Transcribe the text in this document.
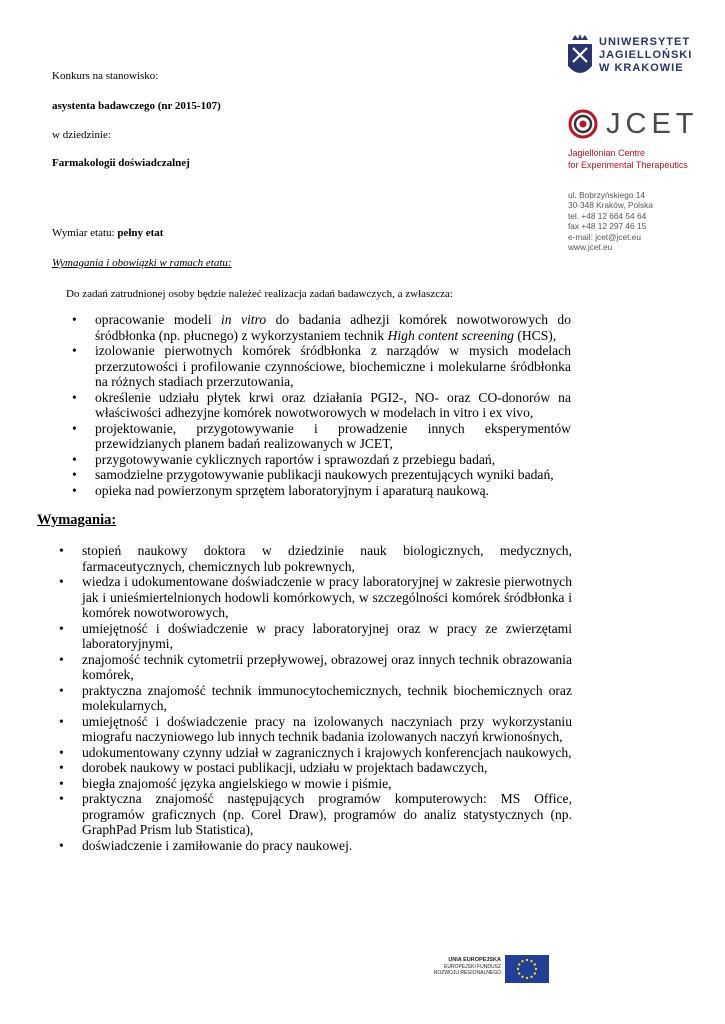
UNIWERSYTET
JAGIELLOŃSKI
W KRAKOWIE
JCET
Jagiellonian Centre
for Experimental Therapeutics
ul. Bobrzyńskiego 14
30-348 Kraków, Polska
tel. +48 12 664 54 64
fax +48 12 297 46 15
e-mail: jcet@jcet.eu
www.jcet.eu
Konkurs na stanowisko:
asystenta badawczego (nr 2015-107)
w dziedzinie:
Farmakologii doświadczalnej
Wymiar etatu: pełny etat
Wymagania i obowiązki w ramach etatu:
Do zadań zatrudnionej osoby będzie należeć realizacja zadań badawczych, a zwłaszcza:
• opracowanie modeli in vitro do badania adhezji komórek nowotworowych do śródbłonka (np. płucnego) z wykorzystaniem technik High content screening (HCS),
• izolowanie pierwotnych komórek śródbłonka z narządów w mysich modelach przerzutowości i profilowanie czynnościowe, biochemiczne i molekularne śródbłonka na różnych stadiach przerzutowania,
• określenie udziału płytek krwi oraz działania PGI2-, NO- oraz CO-donorów na właściwości adhezyjne komórek nowotworowych w modelach in vitro i ex vivo,
• projektowanie, przygotowywanie i prowadzenie innych eksperymentów przewidzianych planem badań realizowanych w JCET,
• przygotowywanie cyklicznych raportów i sprawozdań z przebiegu badań,
• samodzielne przygotowywanie publikacji naukowych prezentujących wyniki badań,
• opieka nad powierzonym sprzętem laboratoryjnym i aparaturą naukową.
Wymagania:
• stopień naukowy doktora w dziedzinie nauk biologicznych, medycznych, farmaceutycznych, chemicznych lub pokrewnych,
• wiedza i udokumentowane doświadczenie w pracy laboratoryjnej w zakresie pierwotnych jak i unieśmiertelnionych hodowli komórkowych, w szczególności komórek śródbłonka i komórek nowotworowych,
• umiejętność i doświadczenie w pracy laboratoryjnej oraz w pracy ze zwierzętami laboratoryjnymi,
• znajomość technik cytometrii przepływowej, obrazowej oraz innych technik obrazowania komórek,
• praktyczna znajomość technik immunocytochemicznych, technik biochemicznych oraz molekularnych,
• umiejętność i doświadczenie pracy na izolowanych naczyniach przy wykorzystaniu miografu naczyniowego lub innych technik badania izolowanych naczyń krwionośnych,
• udokumentowany czynny udział w zagranicznych i krajowych konferencjach naukowych,
• dorobek naukowy w postaci publikacji, udziału w projektach badawczych,
• biegła znajomość języka angielskiego w mowie i piśmie,
• praktyczna znajomość następujących programów komputerowych: MS Office, programów graficznych (np. Corel Draw), programów do analiz statystycznych (np. GraphPad Prism lub Statistica),
• doświadczenie i zamiłowanie do pracy naukowej.
UNIA EUROPEJSKA
EUROPEJSKI FUNDUSZ
ROZWOJU REGIONALNEGO
